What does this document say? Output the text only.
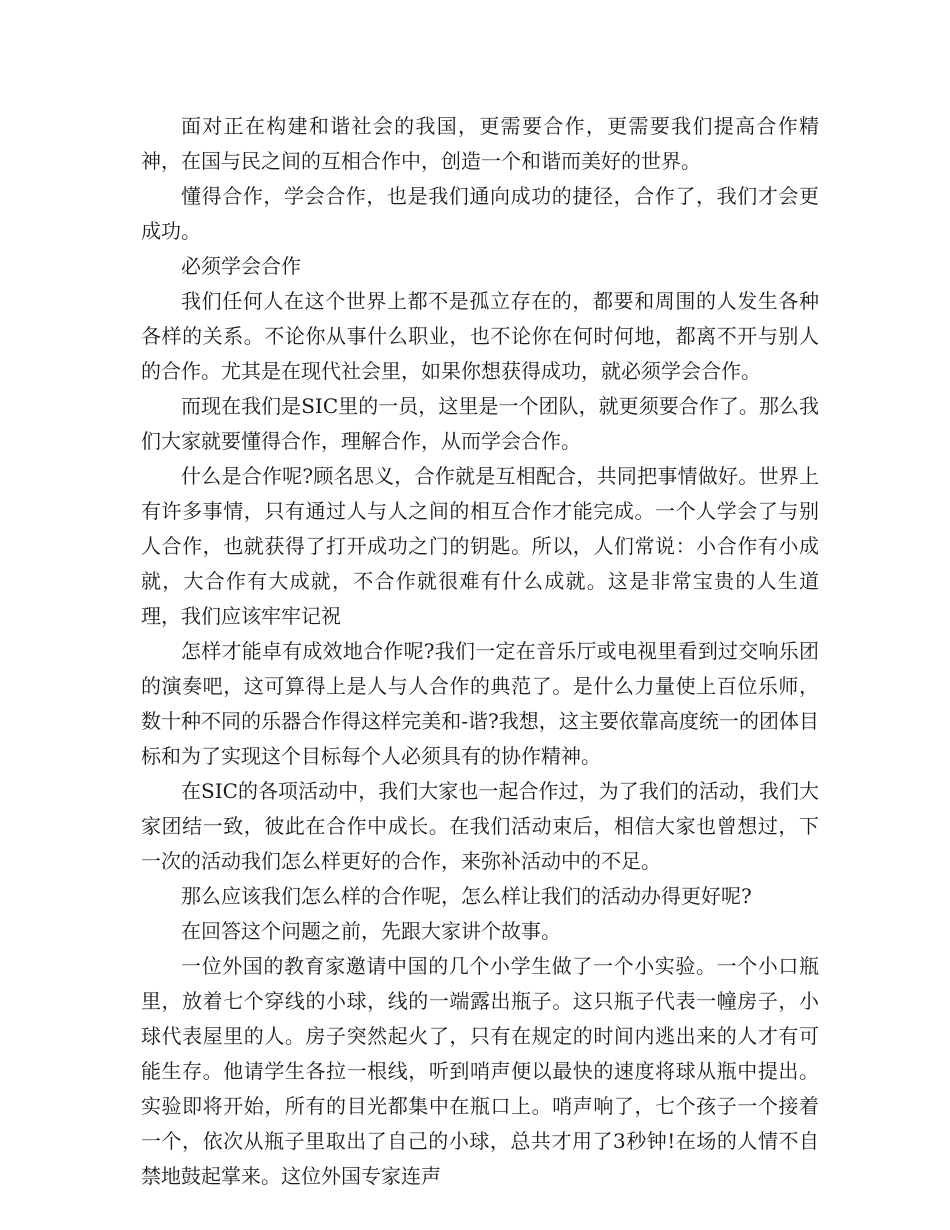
面对正在构建和谐社会的我国，更需要合作，更需要我们提高合作精神，在国与民之间的互相合作中，创造一个和谐而美好的世界。

懂得合作，学会合作，也是我们通向成功的捷径，合作了，我们才会更成功。

必须学会合作

我们任何人在这个世界上都不是孤立存在的，都要和周围的人发生各种各样的关系。不论你从事什么职业，也不论你在何时何地，都离不开与别人的合作。尤其是在现代社会里，如果你想获得成功，就必须学会合作。

而现在我们是SIC里的一员，这里是一个团队，就更须要合作了。那么我们大家就要懂得合作，理解合作，从而学会合作。

什么是合作呢?顾名思义，合作就是互相配合，共同把事情做好。世界上有许多事情，只有通过人与人之间的相互合作才能完成。一个人学会了与别人合作，也就获得了打开成功之门的钥匙。所以，人们常说：小合作有小成就，大合作有大成就，不合作就很难有什么成就。这是非常宝贵的人生道理，我们应该牢牢记祝

怎样才能卓有成效地合作呢?我们一定在音乐厅或电视里看到过交响乐团的演奏吧，这可算得上是人与人合作的典范了。是什么力量使上百位乐师，数十种不同的乐器合作得这样完美和-谐?我想，这主要依靠高度统一的团体目标和为了实现这个目标每个人必须具有的协作精神。

在SIC的各项活动中，我们大家也一起合作过，为了我们的活动，我们大家团结一致，彼此在合作中成长。在我们活动束后，相信大家也曾想过，下一次的活动我们怎么样更好的合作，来弥补活动中的不足。

那么应该我们怎么样的合作呢，怎么样让我们的活动办得更好呢?

在回答这个问题之前，先跟大家讲个故事。

一位外国的教育家邀请中国的几个小学生做了一个小实验。一个小口瓶里，放着七个穿线的小球，线的一端露出瓶子。这只瓶子代表一幢房子，小球代表屋里的人。房子突然起火了，只有在规定的时间内逃出来的人才有可能生存。他请学生各拉一根线，听到哨声便以最快的速度将球从瓶中提出。实验即将开始，所有的目光都集中在瓶口上。哨声响了，七个孩子一个接着一个，依次从瓶子里取出了自己的小球，总共才用了3秒钟!在场的人情不自禁地鼓起掌来。这位外国专家连声
